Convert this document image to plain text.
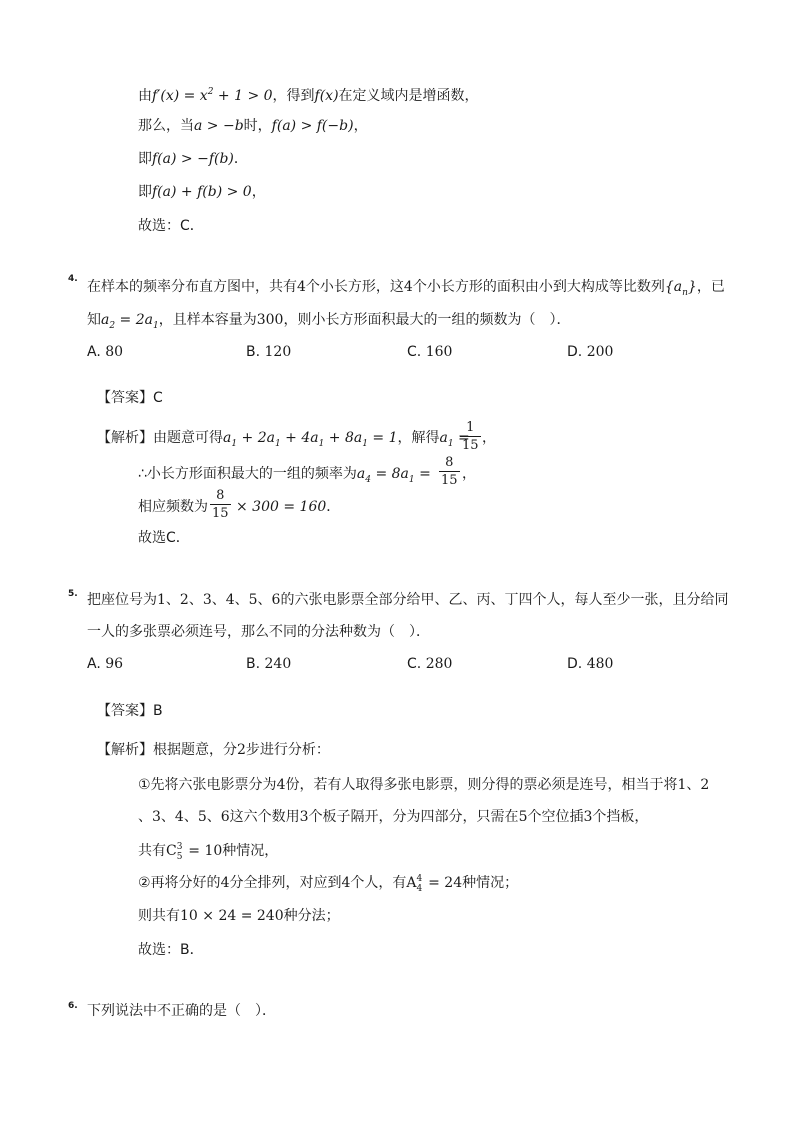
由$f'(x) = x^2 + 1 > 0$，得到f(x)在定义域内是增函数，
那么，当a > −b时，f(a) > f(−b)，
即f(a) > −f(b)．
即f(a) + f(b) > 0，
故选：C．
4. 在样本的频率分布直方图中，共有4个小长方形，这4个小长方形的面积由小到大构成等比数列$\{a_n\}$，已
知$a_2 = 2a_1$，且样本容量为300，则小长方形面积最大的一组的频数为（　）．
A. 80	B. 120	C. 160	D. 200
【答案】C
【解析】由题意可得$a_1 + 2a_1 + 4a_1 + 8a_1 = 1$，解得$a_1$ =
$\frac{1}{15}$ ，
∴小长方形面积最大的一组的频率为$a_4 = 8a_1 = \frac{8}{15}$ ，
相应频数为 $\frac{8}{15} \times 300 = 160$．
故选C．
5. 把座位号为1、2、3、4、5、6的六张电影票全部分给甲、乙、丙、丁四个人，每人至少一张，且分给同
一人的多张票必须连号，那么不同的分法种数为（　）．
A. 96	B. 240	C. 280	D. 480
【答案】B
【解析】根据题意，分2步进行分析：
①先将六张电影票分为4份，若有人取得多张电影票，则分得的票必须是连号，相当于将1、2
、3、4、5、6这六个数用3个板子隔开，分为四部分，只需在5个空位插3个挡板，
共有C 3
5  = 10种情况，
②再将分好的4分全排列，对应到4个人，有A 4
4  = 24种情况；
则共有10 × 24 = 240种分法；
故选：B．
6. 下列说法中不正确的是（　）．
